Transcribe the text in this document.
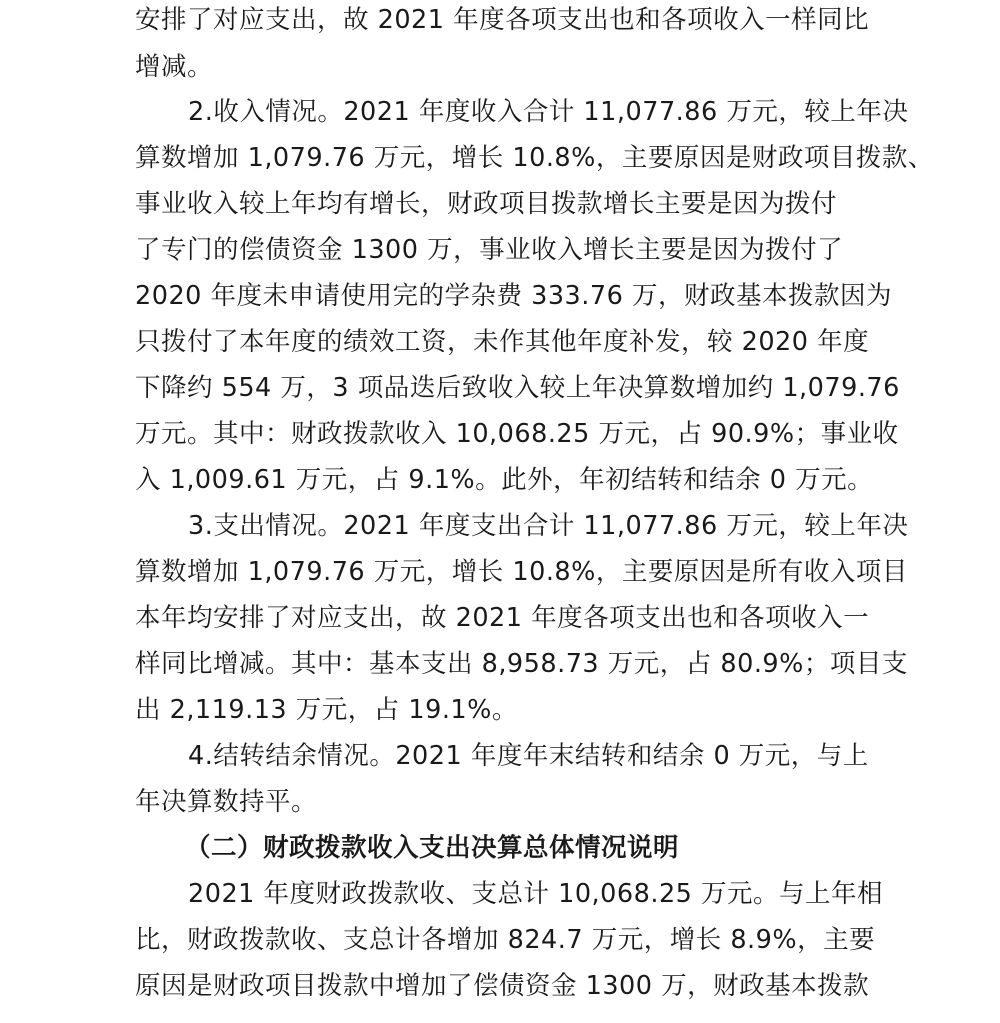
安排了对应支出，故 2021 年度各项支出也和各项收入一样同比
增减。
2.收入情况。2021 年度收入合计 11,077.86 万元，较上年决
算数增加 1,079.76 万元，增长 10.8%，主要原因是财政项目拨款、
事业收入较上年均有增长，财政项目拨款增长主要是因为拨付
了专门的偿债资金 1300 万，事业收入增长主要是因为拨付了
2020 年度未申请使用完的学杂费 333.76 万，财政基本拨款因为
只拨付了本年度的绩效工资，未作其他年度补发，较 2020 年度
下降约 554 万，3 项品迭后致收入较上年决算数增加约 1,079.76
万元。其中：财政拨款收入 10,068.25 万元，占 90.9%；事业收
入 1,009.61 万元，占 9.1%。此外，年初结转和结余 0 万元。
3.支出情况。2021 年度支出合计 11,077.86 万元，较上年决
算数增加 1,079.76 万元，增长 10.8%，主要原因是所有收入项目
本年均安排了对应支出，故 2021 年度各项支出也和各项收入一
样同比增减。其中：基本支出 8,958.73 万元，占 80.9%；项目支
出 2,119.13 万元，占 19.1%。
4.结转结余情况。2021 年度年末结转和结余 0 万元，与上
年决算数持平。
（二）财政拨款收入支出决算总体情况说明
2021 年度财政拨款收、支总计 10,068.25 万元。与上年相
比，财政拨款收、支总计各增加 824.7 万元，增长 8.9%，主要
原因是财政项目拨款中增加了偿债资金 1300 万，财政基本拨款
